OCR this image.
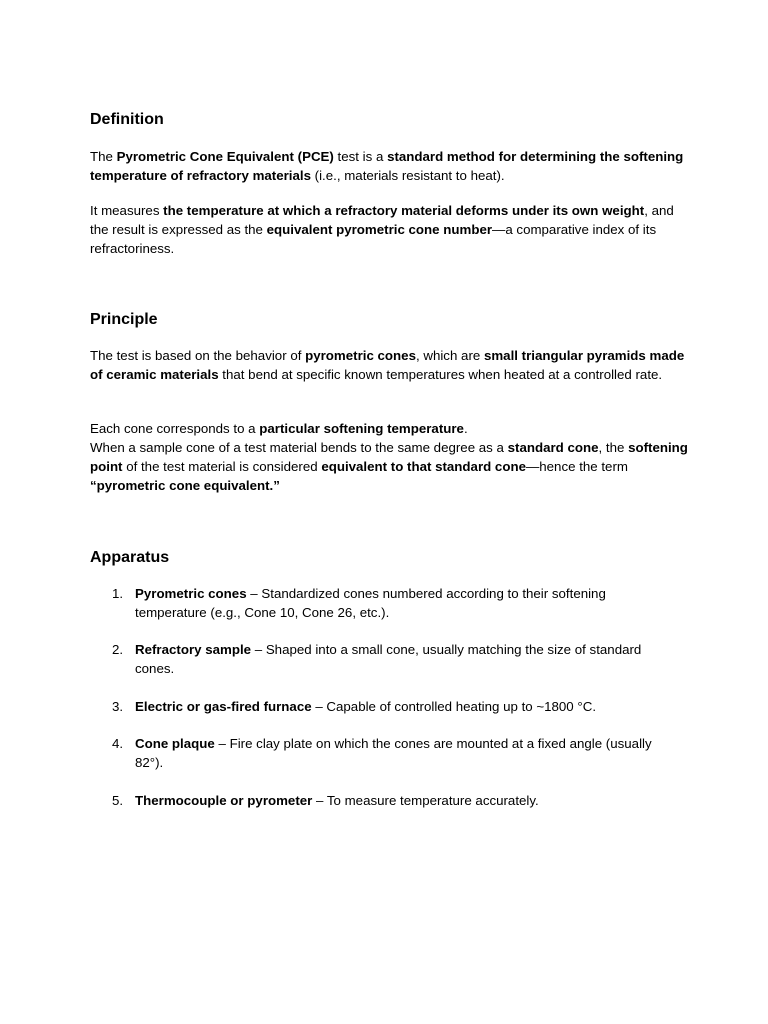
Definition

The Pyrometric Cone Equivalent (PCE) test is a standard method for determining the softening temperature of refractory materials (i.e., materials resistant to heat).

It measures the temperature at which a refractory material deforms under its own weight, and the result is expressed as the equivalent pyrometric cone number—a comparative index of its refractoriness.

Principle

The test is based on the behavior of pyrometric cones, which are small triangular pyramids made of ceramic materials that bend at specific known temperatures when heated at a controlled rate.

Each cone corresponds to a particular softening temperature.
When a sample cone of a test material bends to the same degree as a standard cone, the softening point of the test material is considered equivalent to that standard cone—hence the term “pyrometric cone equivalent.”

Apparatus
1. Pyrometric cones – Standardized cones numbered according to their softening temperature (e.g., Cone 10, Cone 26, etc.).
2. Refractory sample – Shaped into a small cone, usually matching the size of standard cones.
3. Electric or gas-fired furnace – Capable of controlled heating up to ~1800 °C.
4. Cone plaque – Fire clay plate on which the cones are mounted at a fixed angle (usually 82°).
5. Thermocouple or pyrometer – To measure temperature accurately.
